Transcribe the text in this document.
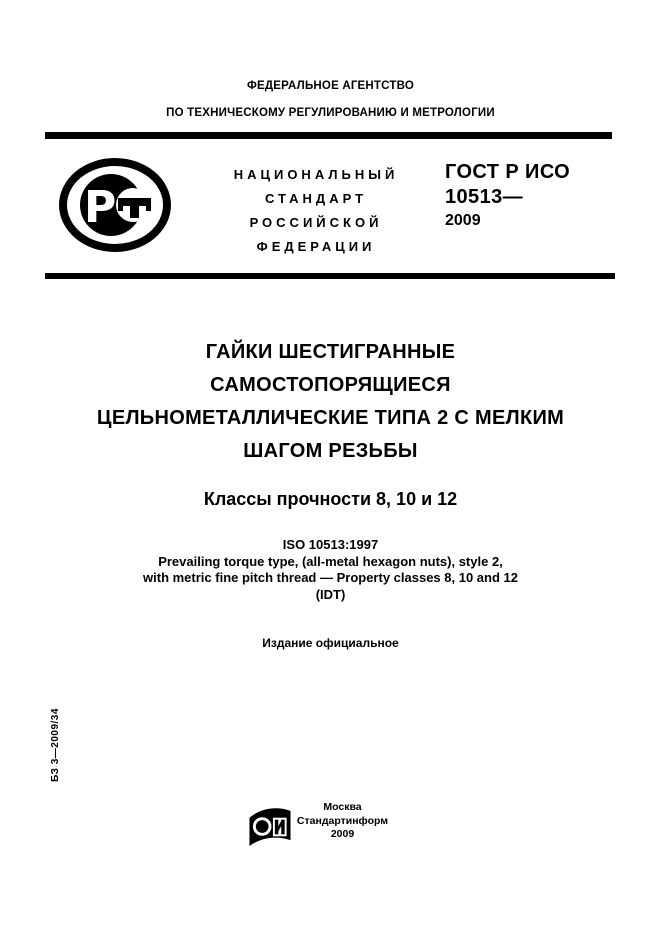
ФЕДЕРАЛЬНОЕ АГЕНТСТВО
ПО ТЕХНИЧЕСКОМУ РЕГУЛИРОВАНИЮ И МЕТРОЛОГИИ
P
НАЦИОНАЛЬНЫЙ
СТАНДАРТ
РОССИЙСКОЙ
ФЕДЕРАЦИИ
ГОСТ Р ИСО
10513—
2009
ГАЙКИ ШЕСТИГРАННЫЕ
САМОСТОПОРЯЩИЕСЯ
ЦЕЛЬНОМЕТАЛЛИЧЕСКИЕ ТИПА 2 С МЕЛКИМ
ШАГОМ РЕЗЬБЫ
Классы прочности 8, 10 и 12
ISO 10513:1997
Prevailing torque type, (all-metal hexagon nuts), style 2,
with metric fine pitch thread — Property classes 8, 10 and 12
(IDT)
Издание официальное
БЗ 3—2009/34
Москва
Стандартинформ
2009
